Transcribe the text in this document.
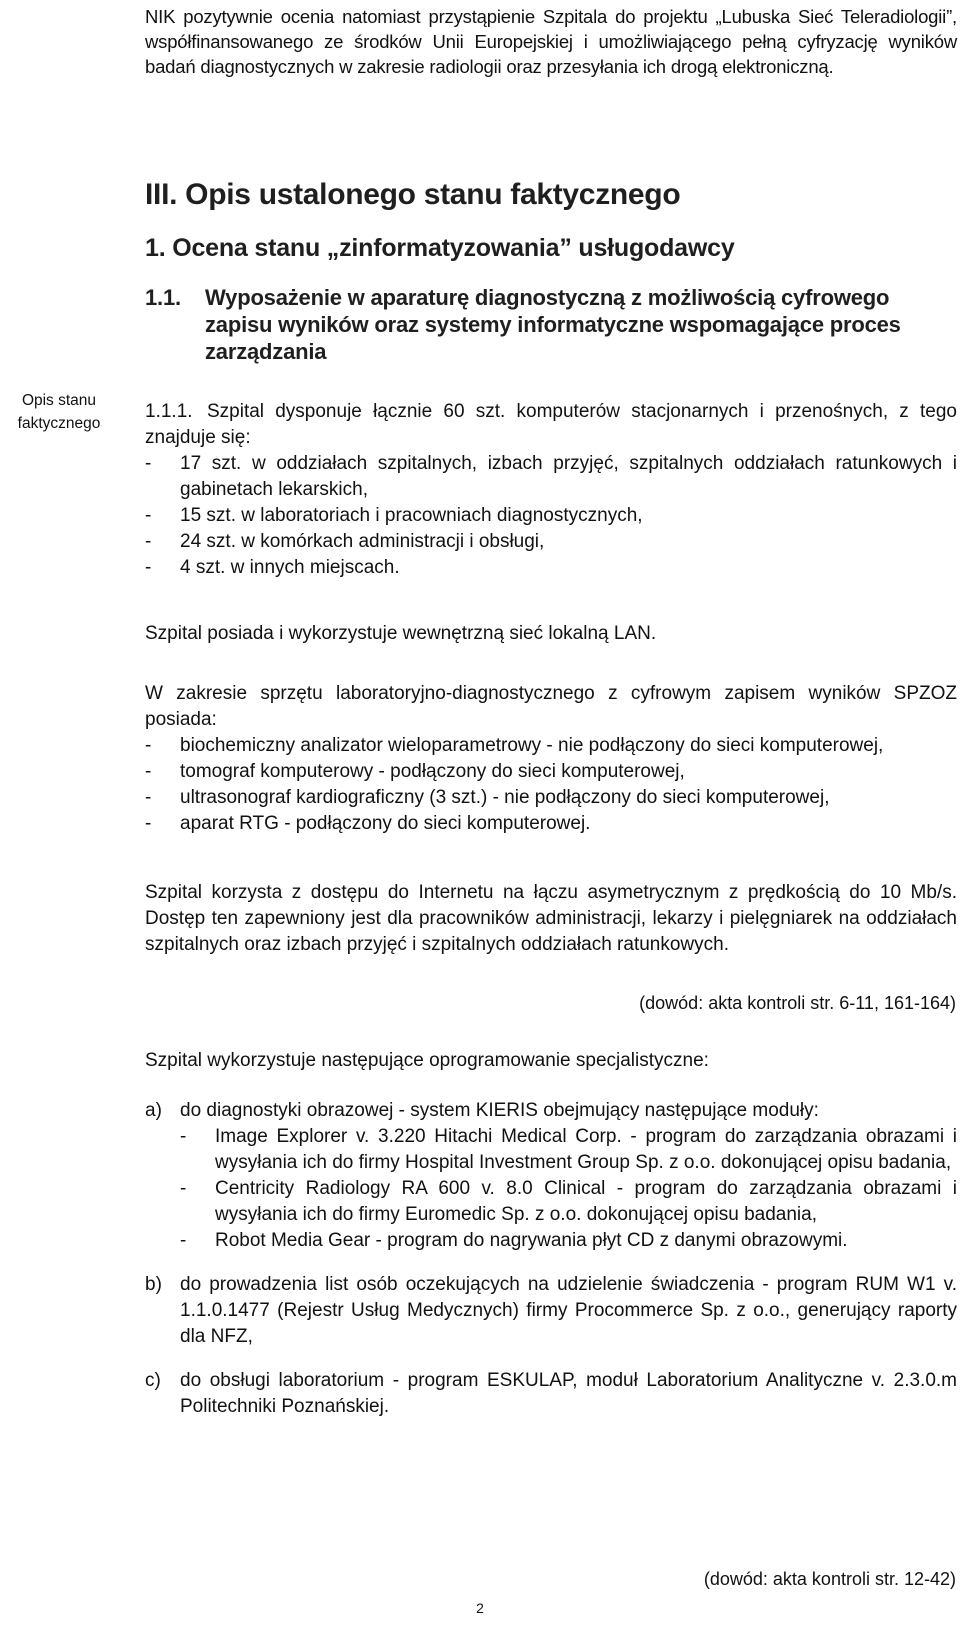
NIK pozytywnie ocenia natomiast przystąpienie Szpitala do projektu „Lubuska Sieć Teleradiologii”, współfinansowanego ze środków Unii Europejskiej i umożliwiającego pełną cyfryzację wyników badań diagnostycznych w zakresie radiologii oraz przesyłania ich drogą elektroniczną.

III. Opis ustalonego stanu faktycznego
1. Ocena stanu „zinformatyzowania” usługodawcy
1.1. Wyposażenie w aparaturę diagnostyczną z możliwością cyfrowego zapisu wyników oraz systemy informatyczne wspomagające proces zarządzania
Opis stanu faktycznego
1.1.1. Szpital dysponuje łącznie 60 szt. komputerów stacjonarnych i przenośnych, z tego znajduje się:

- 17 szt. w oddziałach szpitalnych, izbach przyjęć, szpitalnych oddziałach ratunkowych i gabinetach lekarskich,
- 15 szt. w laboratoriach i pracowniach diagnostycznych,
- 24 szt. w komórkach administracji i obsługi,
- 4 szt. w innych miejscach.

Szpital posiada i wykorzystuje wewnętrzną sieć lokalną LAN.

W zakresie sprzętu laboratoryjno-diagnostycznego z cyfrowym zapisem wyników SPZOZ posiada:

- biochemiczny analizator wieloparametrowy - nie podłączony do sieci komputerowej,
- tomograf komputerowy - podłączony do sieci komputerowej,
- ultrasonograf kardiograficzny (3 szt.) - nie podłączony do sieci komputerowej,
- aparat RTG - podłączony do sieci komputerowej.

Szpital korzysta z dostępu do Internetu na łączu asymetrycznym z prędkością do 10 Mb/s. Dostęp ten zapewniony jest dla pracowników administracji, lekarzy i pielęgniarek na oddziałach szpitalnych oraz izbach przyjęć i szpitalnych oddziałach ratunkowych.

(dowód: akta kontroli str. 6-11, 161-164)

Szpital wykorzystuje następujące oprogramowanie specjalistyczne:

a) do diagnostyki obrazowej - system KIERIS obejmujący następujące moduły:
- Image Explorer v. 3.220 Hitachi Medical Corp. - program do zarządzania obrazami i wysyłania ich do firmy Hospital Investment Group Sp. z o.o. dokonującej opisu badania,
- Centricity Radiology RA 600 v. 8.0 Clinical - program do zarządzania obrazami i wysyłania ich do firmy Euromedic Sp. z o.o. dokonującej opisu badania,
- Robot Media Gear - program do nagrywania płyt CD z danymi obrazowymi.
b) do prowadzenia list osób oczekujących na udzielenie świadczenia - program RUM W1 v. 1.1.0.1477 (Rejestr Usług Medycznych) firmy Procommerce Sp. z o.o., generujący raporty dla NFZ,
c) do obsługi laboratorium - program ESKULAP, moduł Laboratorium Analityczne v. 2.3.0.m Politechniki Poznańskiej.

(dowód: akta kontroli str. 12-42)

2
